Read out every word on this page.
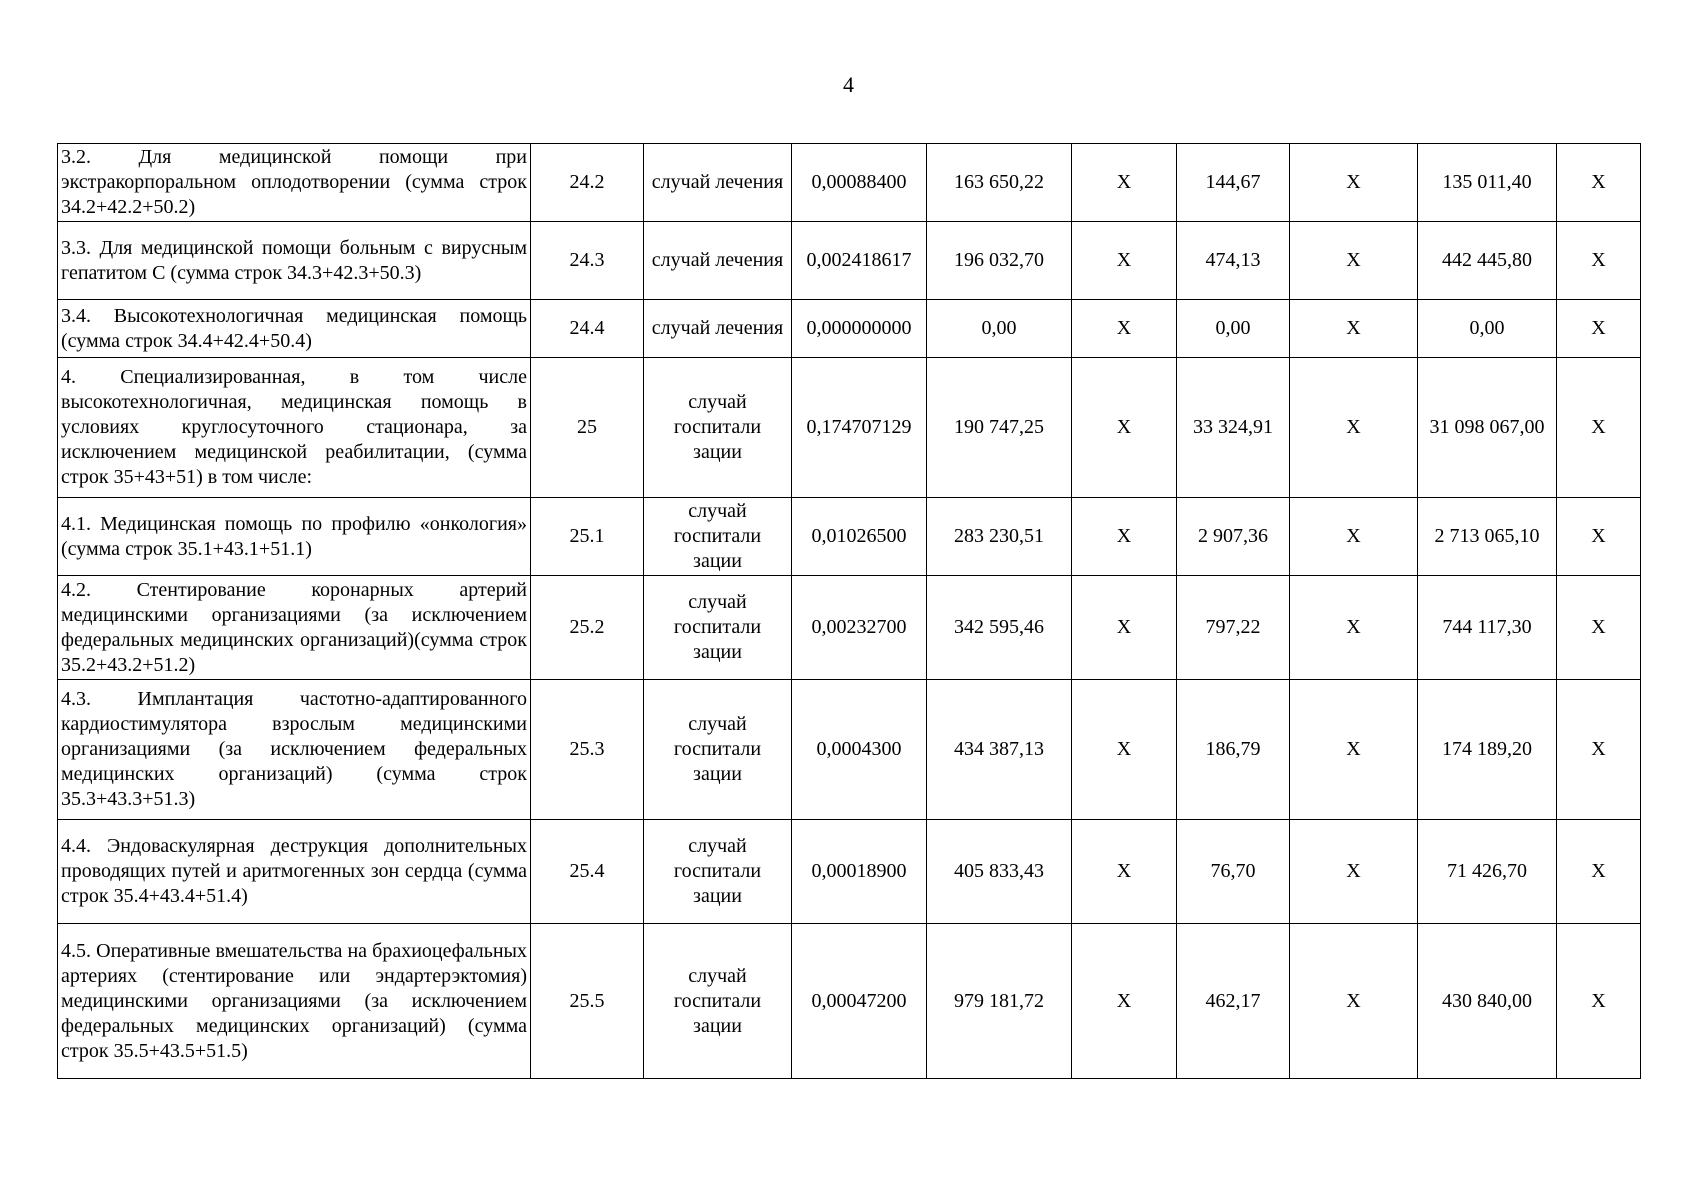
4
3.2. Для медицинской помощи при экстракорпоральном оплодотворении (сумма строк 34.2+42.2+50.2)	24.2	случай лечения	0,00088400	163 650,22	X	144,67	X	135 011,40	X
3.3. Для медицинской помощи больным с вирусным гепатитом С (сумма строк 34.3+42.3+50.3)	24.3	случай лечения	0,002418617	196 032,70	X	474,13	X	442 445,80	X
3.4. Высокотехнологичная медицинская помощь (сумма строк 34.4+42.4+50.4)	24.4	случай лечения	0,000000000	0,00	X	0,00	X	0,00	X
4. Специализированная, в том числе высокотехнологичная, медицинская помощь в условиях круглосуточного стационара, за исключением медицинской реабилитации, (сумма строк 35+43+51) в том числе:	25	случай госпитали зации	0,174707129	190 747,25	X	33 324,91	X	31 098 067,00	X
4.1. Медицинская помощь по профилю «онкология» (сумма строк 35.1+43.1+51.1)	25.1	случай госпитали зации	0,01026500	283 230,51	X	2 907,36	X	2 713 065,10	X
4.2. Стентирование коронарных артерий медицинскими организациями (за исключением федеральных медицинских организаций)(сумма строк 35.2+43.2+51.2)	25.2	случай госпитали зации	0,00232700	342 595,46	X	797,22	X	744 117,30	X
4.3. Имплантация частотно-адаптированного кардиостимулятора взрослым медицинскими организациями (за исключением федеральных медицинских организаций) (сумма строк 35.3+43.3+51.3)	25.3	случай госпитали зации	0,0004300	434 387,13	X	186,79	X	174 189,20	X
4.4. Эндоваскулярная деструкция дополнительных проводящих путей и аритмогенных зон сердца (сумма строк 35.4+43.4+51.4)	25.4	случай госпитали зации	0,00018900	405 833,43	X	76,70	X	71 426,70	X
4.5. Оперативные вмешательства на брахиоцефальных артериях (стентирование или эндартерэктомия) медицинскими организациями (за исключением федеральных медицинских организаций) (сумма строк 35.5+43.5+51.5)	25.5	случай госпитали зации	0,00047200	979 181,72	X	462,17	X	430 840,00	X
